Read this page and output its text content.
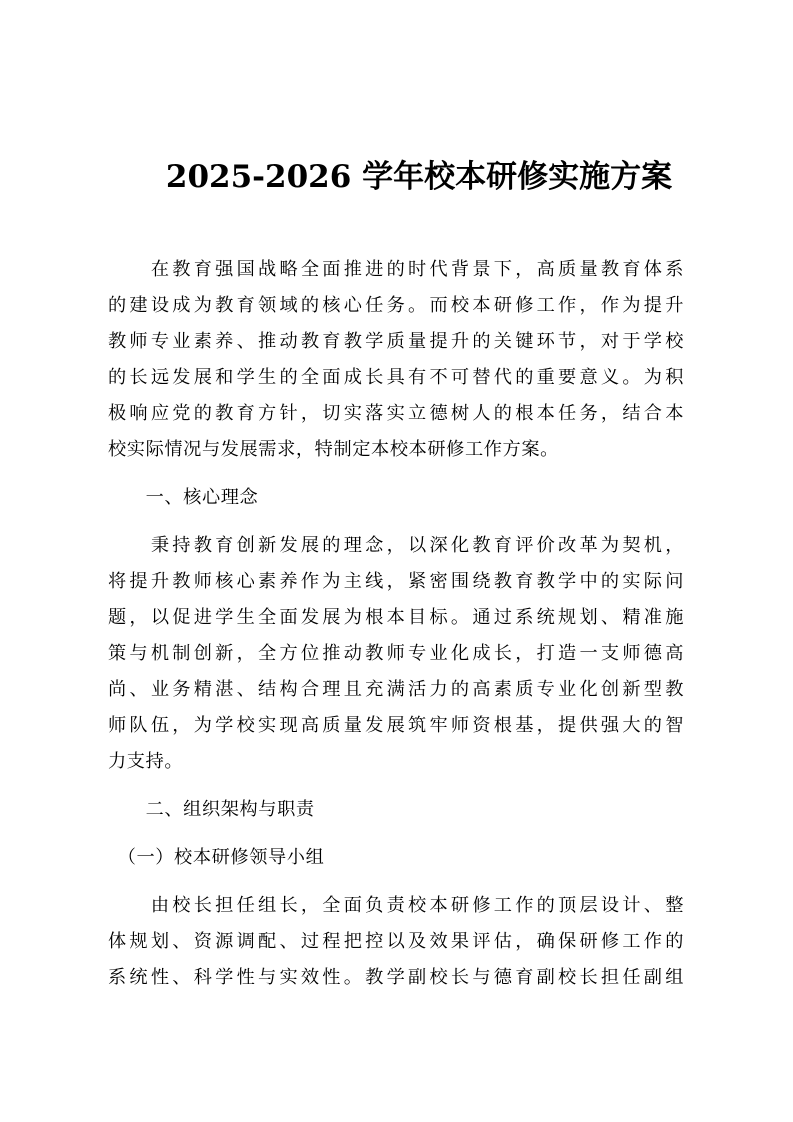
2025-2026 学年校本研修实施方案
　　在教育强国战略全面推进的时代背景下，高质量教育体系
的建设成为教育领域的核心任务。而校本研修工作，作为提升
教师专业素养、推动教育教学质量提升的关键环节，对于学校
的长远发展和学生的全面成长具有不可替代的重要意义。为积
极响应党的教育方针，切实落实立德树人的根本任务，结合本
校实际情况与发展需求，特制定本校本研修工作方案。
　　一、核心理念
　　秉持教育创新发展的理念，以深化教育评价改革为契机，
将提升教师核心素养作为主线，紧密围绕教育教学中的实际问
题，以促进学生全面发展为根本目标。通过系统规划、精准施
策与机制创新，全方位推动教师专业化成长，打造一支师德高
尚、业务精湛、结构合理且充满活力的高素质专业化创新型教
师队伍，为学校实现高质量发展筑牢师资根基，提供强大的智
力支持。
　　二、组织架构与职责
　（一）校本研修领导小组
　　由校长担任组长，全面负责校本研修工作的顶层设计、整
体规划、资源调配、过程把控以及效果评估，确保研修工作的
系统性、科学性与实效性。教学副校长与德育副校长担任副组
